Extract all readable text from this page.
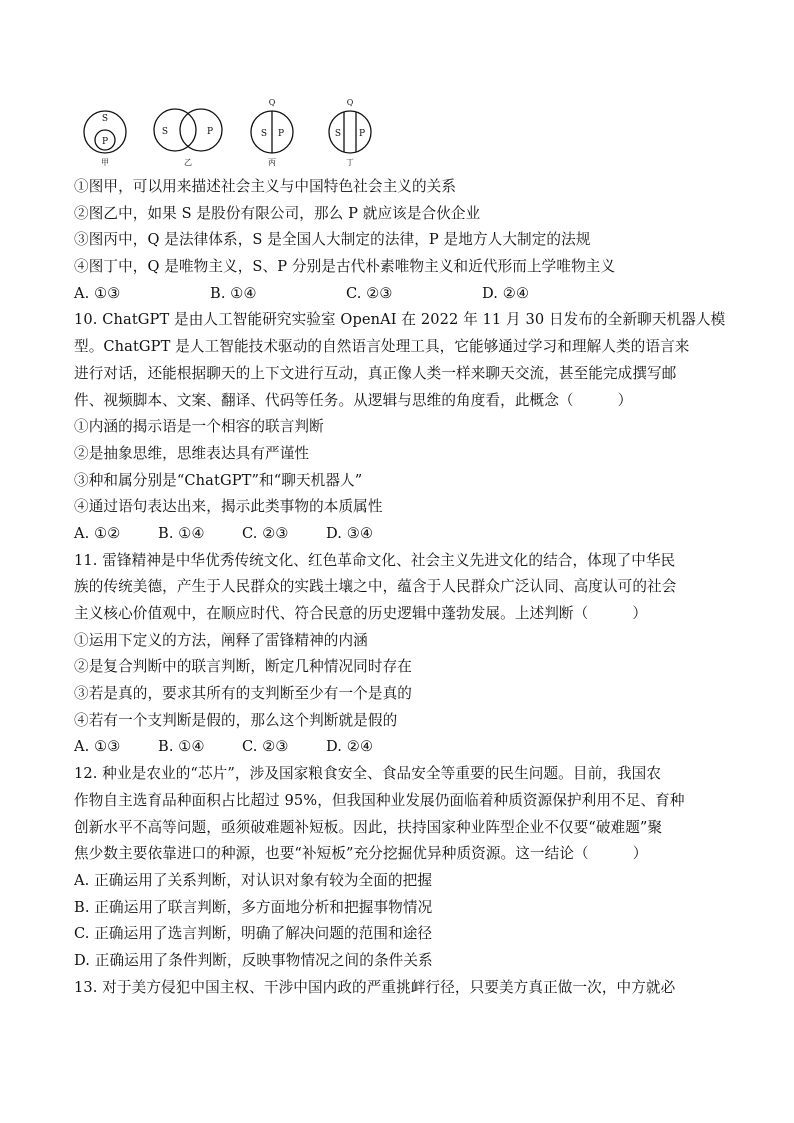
S
P
甲
S	P
乙
Q
S P
丙
Q
S P
丁
①图甲，可以用来描述社会主义与中国特色社会主义的关系
②图乙中，如果 S 是股份有限公司，那么 P 就应该是合伙企业
③图丙中，Q 是法律体系，S 是全国人大制定的法律，P 是地方人大制定的法规
④图丁中，Q 是唯物主义，S、P 分别是古代朴素唯物主义和近代形而上学唯物主义
A. ①③	B. ①④	C. ②③	D. ②④
10. ChatGPT 是由人工智能研究实验室 OpenAI 在 2022 年 11 月 30 日发布的全新聊天机器人模
型。ChatGPT 是人工智能技术驱动的自然语言处理工具，它能够通过学习和理解人类的语言来
进行对话，还能根据聊天的上下文进行互动，真正像人类一样来聊天交流，甚至能完成撰写邮
件、视频脚本、文案、翻译、代码等任务。从逻辑与思维的角度看，此概念（　　　）
①内涵的揭示语是一个相容的联言判断
②是抽象思维，思维表达具有严谨性
③种和属分别是“ChatGPT”和“聊天机器人”
④通过语句表达出来，揭示此类事物的本质属性
A. ①②	B. ①④	C. ②③	D. ③④
11. 雷锋精神是中华优秀传统文化、红色革命文化、社会主义先进文化的结合，体现了中华民
族的传统美德，产生于人民群众的实践土壤之中，蕴含于人民群众广泛认同、高度认可的社会
主义核心价值观中，在顺应时代、符合民意的历史逻辑中蓬勃发展。上述判断（　　　）
①运用下定义的方法，阐释了雷锋精神的内涵
②是复合判断中的联言判断，断定几种情况同时存在
③若是真的，要求其所有的支判断至少有一个是真的
④若有一个支判断是假的，那么这个判断就是假的
A. ①③	B. ①④	C. ②③	D. ②④
12. 种业是农业的“芯片”，涉及国家粮食安全、食品安全等重要的民生问题。目前，我国农
作物自主选育品种面积占比超过 95%，但我国种业发展仍面临着种质资源保护利用不足、育种
创新水平不高等问题，亟须破难题补短板。因此，扶持国家种业阵型企业不仅要“破难题”聚
焦少数主要依靠进口的种源，也要“补短板”充分挖掘优异种质资源。这一结论（　　　）
A. 正确运用了关系判断，对认识对象有较为全面的把握
B. 正确运用了联言判断，多方面地分析和把握事物情况
C. 正确运用了选言判断，明确了解决问题的范围和途径
D. 正确运用了条件判断，反映事物情况之间的条件关系
13. 对于美方侵犯中国主权、干涉中国内政的严重挑衅行径，只要美方真正做一次，中方就必
